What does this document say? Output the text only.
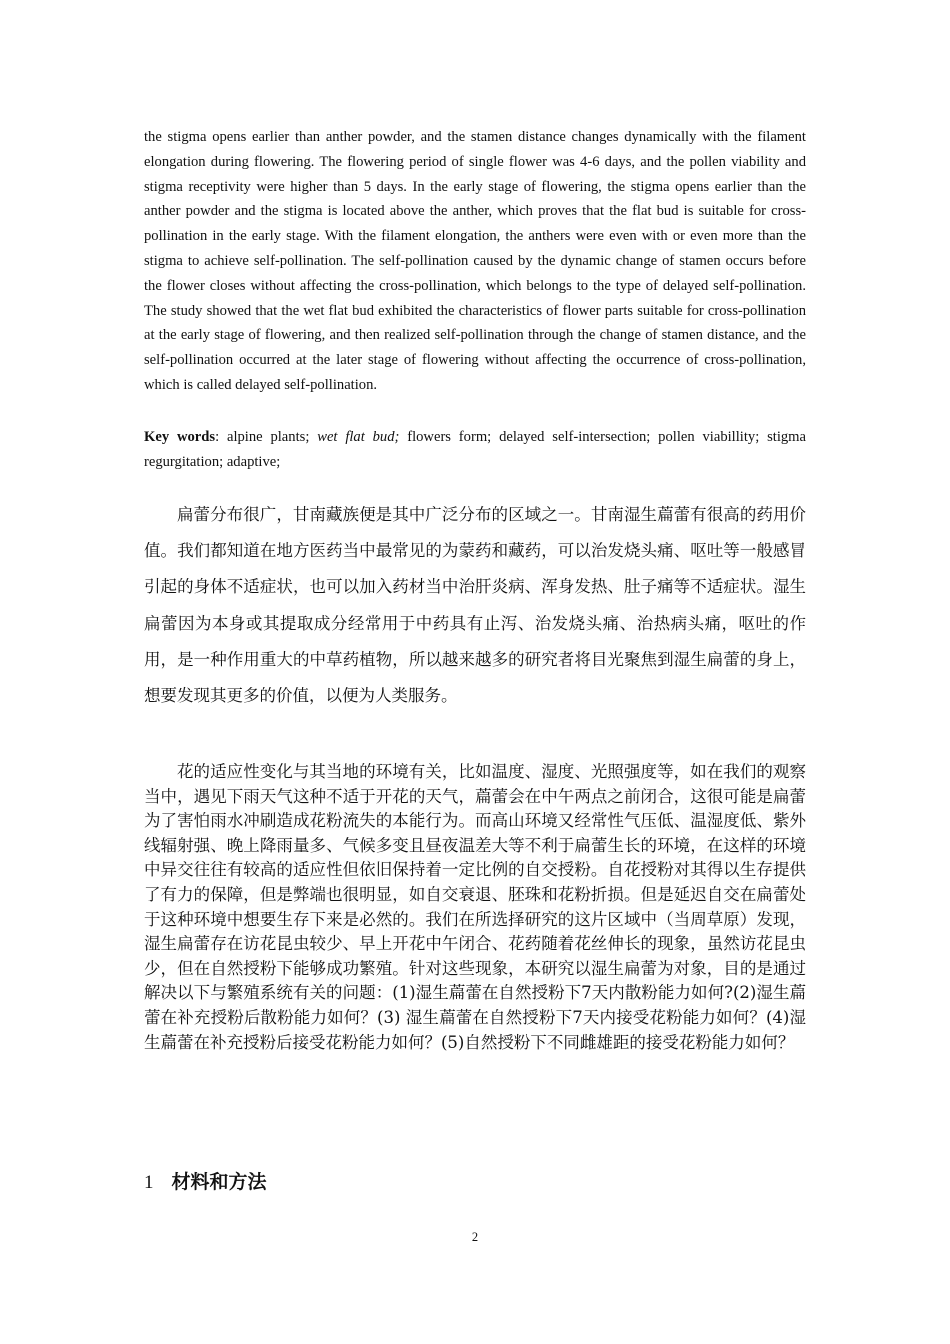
the stigma opens earlier than anther powder, and the stamen distance changes dynamically with the filament elongation during flowering. The flowering period of single flower was 4-6 days, and the pollen viability and stigma receptivity were higher than 5 days. In the early stage of flowering, the stigma opens earlier than the anther powder and the stigma is located above the anther, which proves that the flat bud is suitable for cross-pollination in the early stage. With the filament elongation, the anthers were even with or even more than the stigma to achieve self-pollination. The self-pollination caused by the dynamic change of stamen occurs before the flower closes without affecting the cross-pollination, which belongs to the type of delayed self-pollination. The study showed that the wet flat bud exhibited the characteristics of flower parts suitable for cross-pollination at the early stage of flowering, and then realized self-pollination through the change of stamen distance, and the self-pollination occurred at the later stage of flowering without affecting the occurrence of cross-pollination, which is called delayed self-pollination.

Key words: alpine plants; wet flat bud; flowers form; delayed self-intersection; pollen viabillity; stigma regurgitation; adaptive;

扁蕾分布很广，甘南藏族便是其中广泛分布的区域之一。甘南湿生萹蕾有很高的药用价值。我们都知道在地方医药当中最常见的为蒙药和藏药，可以治发烧头痛、呕吐等一般感冒引起的身体不适症状，也可以加入药材当中治肝炎病、浑身发热、肚子痛等不适症状。湿生扁蕾因为本身或其提取成分经常用于中药具有止泻、治发烧头痛、治热病头痛，呕吐的作用，是一种作用重大的中草药植物，所以越来越多的研究者将目光聚焦到湿生扁蕾的身上，想要发现其更多的价值，以便为人类服务。

花的适应性变化与其当地的环境有关，比如温度、湿度、光照强度等，如在我们的观察当中，遇见下雨天气这种不适于开花的天气，萹蕾会在中午两点之前闭合，这很可能是扁蕾为了害怕雨水冲刷造成花粉流失的本能行为。而高山环境又经常性气压低、温湿度低、紫外线辐射强、晚上降雨量多、气候多变且昼夜温差大等不利于扁蕾生长的环境，在这样的环境中异交往往有较高的适应性但依旧保持着一定比例的自交授粉。自花授粉对其得以生存提供了有力的保障，但是弊端也很明显，如自交衰退、胚珠和花粉折损。但是延迟自交在扁蕾处于这种环境中想要生存下来是必然的。我们在所选择研究的这片区域中（当周草原）发现，湿生扁蕾存在访花昆虫较少、早上开花中午闭合、花药随着花丝伸长的现象，虽然访花昆虫少，但在自然授粉下能够成功繁殖。针对这些现象，本研究以湿生扁蕾为对象，目的是通过解决以下与繁殖系统有关的问题：(1)湿生萹蕾在自然授粉下7天内散粉能力如何?(2)湿生萹蕾在补充授粉后散粉能力如何？(3) 湿生萹蕾在自然授粉下7天内接受花粉能力如何？(4)湿生萹蕾在补充授粉后接受花粉能力如何？(5)自然授粉下不同雌雄距的接受花粉能力如何？

1 材料和方法
2
